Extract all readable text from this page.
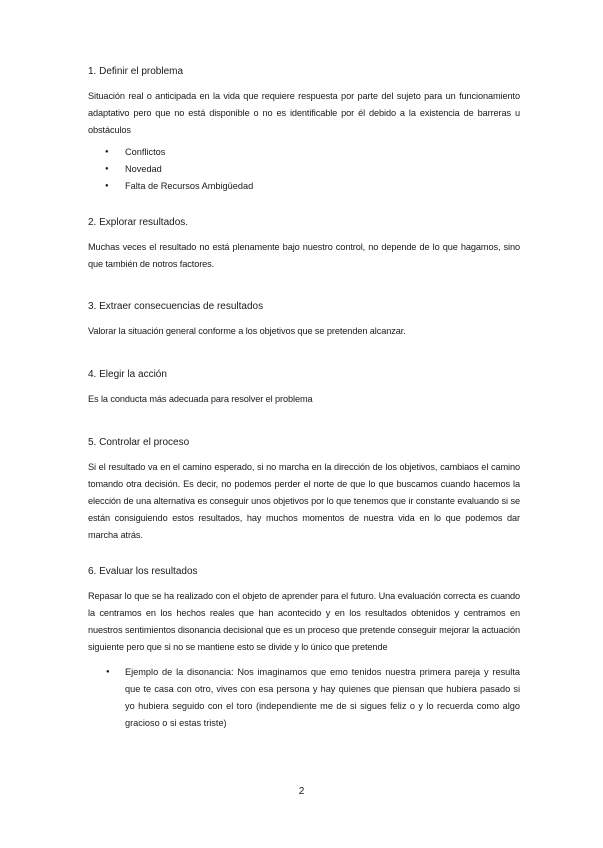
1. Definir el problema

Situación real o anticipada en la vida que requiere respuesta por parte del sujeto para un funcionamiento adaptativo pero que no está disponible o no es identificable por él debido a la existencia de barreras u obstáculos

● Conflictos
● Novedad
● Falta de Recursos Ambigüedad
2. Explorar resultados.

Muchas veces el resultado no está plenamente bajo nuestro control, no depende de lo que hagamos, sino que también de notros factores.

3. Extraer consecuencias de resultados

Valorar la situación general conforme a los objetivos que se pretenden alcanzar.

4. Elegir la acción

Es la conducta más adecuada para resolver el problema

5. Controlar el proceso

Si el resultado va en el camino esperado, si no marcha en la dirección de los objetivos, cambiaos el camino tomando otra decisión. Es decir, no podemos perder el norte de que lo que buscamos cuando hacemos la elección de una alternativa es conseguir unos objetivos por lo que tenemos que ir constante evaluando si se están consiguiendo estos resultados, hay muchos momentos de nuestra vida en lo que podemos dar marcha atrás.

6. Evaluar los resultados

Repasar lo que se ha realizado con el objeto de aprender para el futuro. Una evaluación correcta es cuando la centramos en los hechos reales que han acontecido y en los resultados obtenidos y centramos en nuestros sentimientos disonancia decisional que es un proceso que pretende conseguir mejorar la actuación siguiente pero que si no se mantiene esto se divide y lo único que pretende

● Ejemplo de la disonancia: Nos imaginamos que emo tenidos nuestra primera pareja y resulta que te casa con otro, vives con esa persona y hay quienes que piensan que hubiera pasado si yo hubiera seguido con el toro (independiente me de si sigues feliz o y lo recuerda como algo gracioso o si estas triste)
2
